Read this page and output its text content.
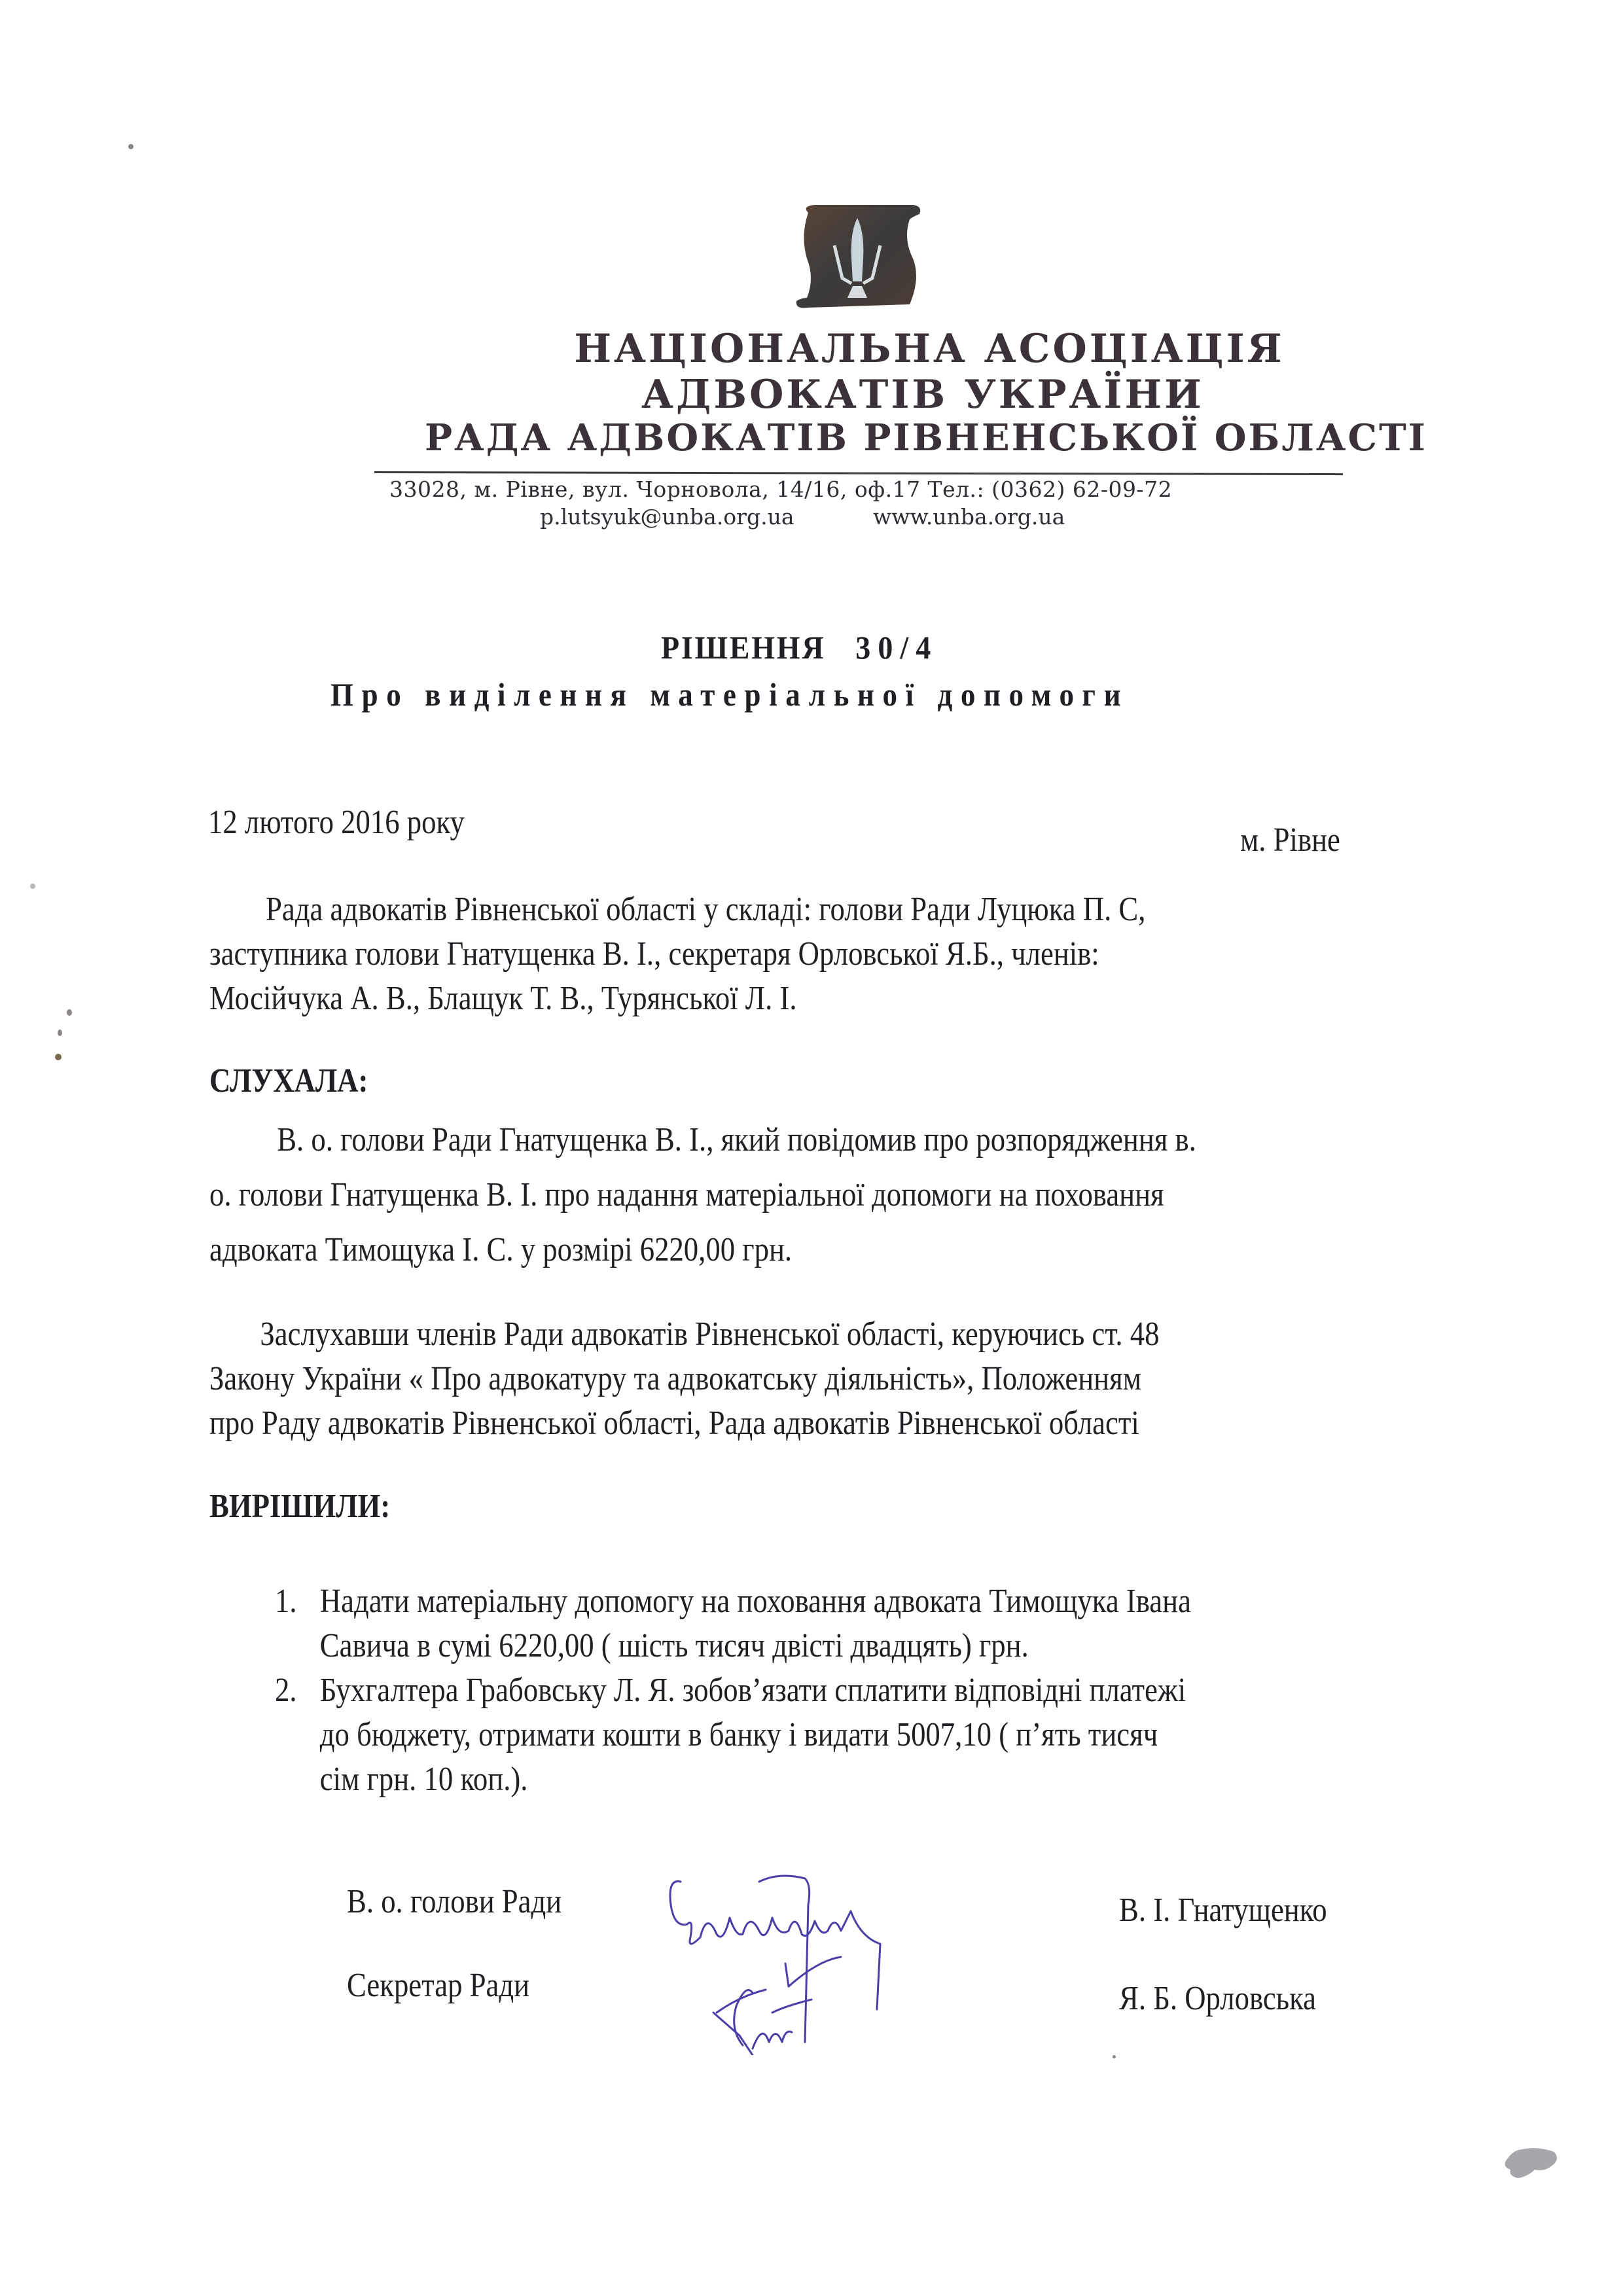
НАЦІОНАЛЬНА АСОЦІАЦІЯ
АДВОКАТІВ УКРАЇНИ
РАДА АДВОКАТІВ РІВНЕНСЬКОЇ ОБЛАСТІ
33028, м. Рівне, вул. Чорновола, 14/16, оф.17 Тел.: (0362) 62-09-72
p.lutsyuk@unba.org.ua	www.unba.org.ua
РІШЕННЯ 30/4
Про виділення матеріальної допомоги
12 лютого 2016 року	м. Рівне
Рада адвокатів Рівненської області у складі: голови Ради Луцюка П. С,
заступника голови Гнатущенка В. І., секретаря Орловської Я.Б., членів:
Мосійчука А. В., Блащук Т. В., Турянської Л. І.
СЛУХАЛА:
В. о. голови Ради Гнатущенка В. І., який повідомив про розпорядження в.
о. голови Гнатущенка В. І. про надання матеріальної допомоги на поховання
адвоката Тимощука І. С. у розмірі 6220,00 грн.
Заслухавши членів Ради адвокатів Рівненської області, керуючись ст. 48
Закону України « Про адвокатуру та адвокатську діяльність», Положенням
про Раду адвокатів Рівненської області, Рада адвокатів Рівненської області
ВИРІШИЛИ:
1. Надати матеріальну допомогу на поховання адвоката Тимощука Івана
Савича в сумі 6220,00 ( шість тисяч двісті двадцять) грн.
2. Бухгалтера Грабовську Л. Я. зобов’язати сплатити відповідні платежі
до бюджету, отримати кошти в банку і видати 5007,10 ( п’ять тисяч
сім грн. 10 коп.).
В. о. голови Ради	В. І. Гнатущенко
Секретар Ради	Я. Б. Орловська
